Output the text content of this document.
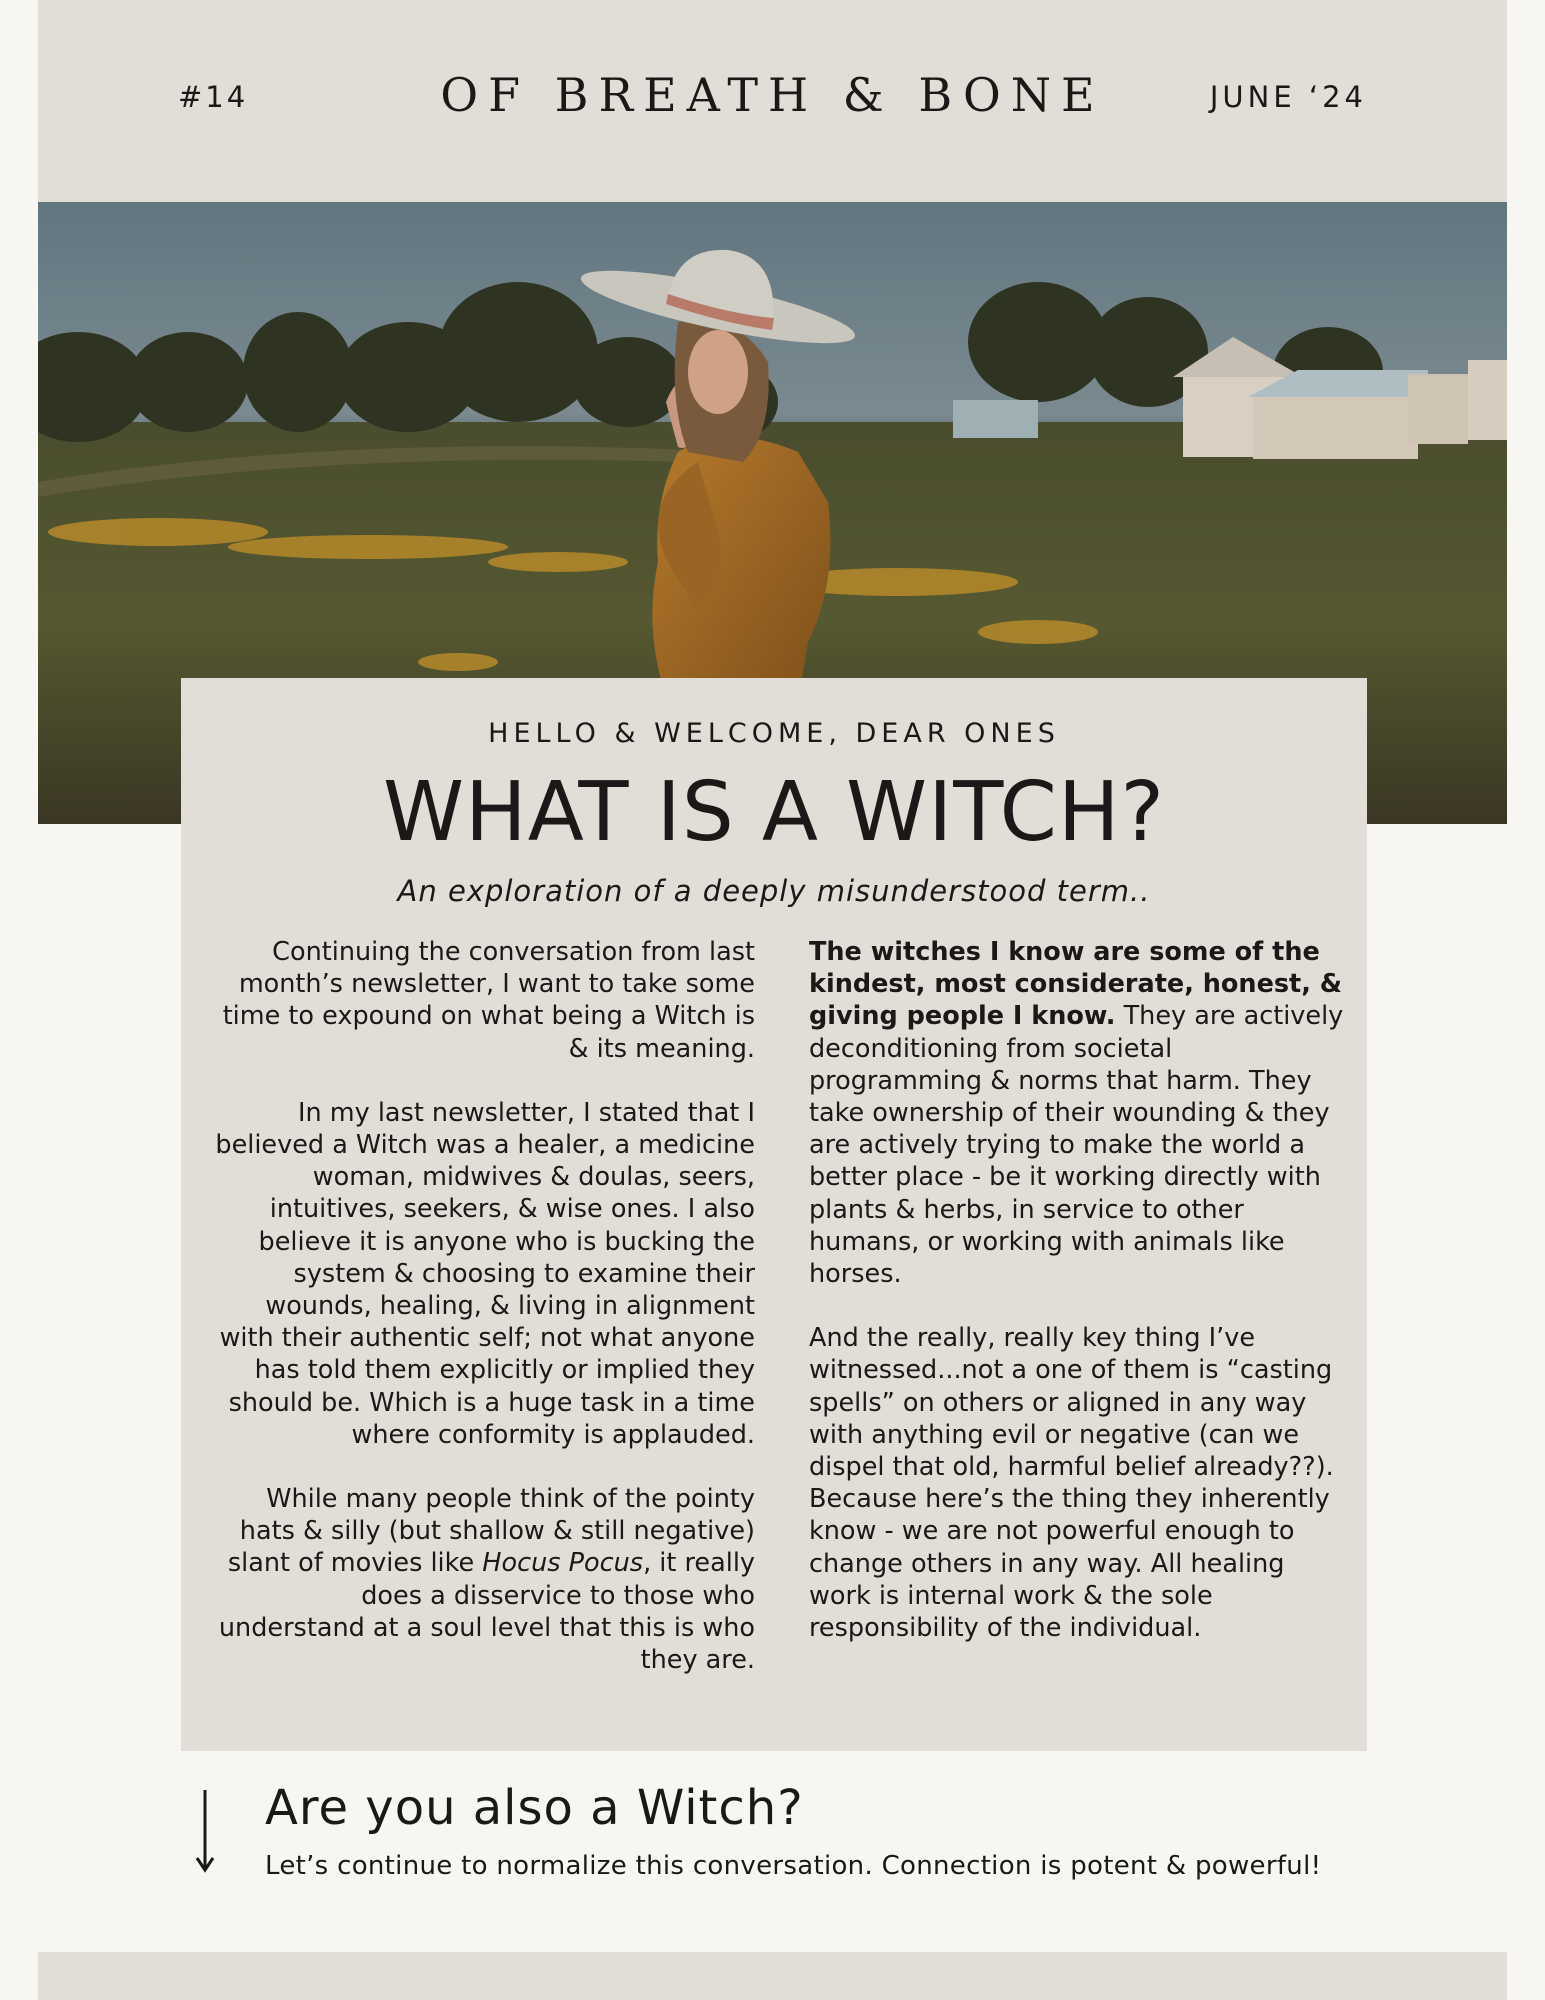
#14	OF BREATH & BONE	JUNE ‘24
HELLO & WELCOME, DEAR ONES
WHAT IS A WITCH?
An exploration of a deeply misunderstood term..

Continuing the conversation from last month’s newsletter, I want to take some time to expound on what being a Witch is & its meaning.

In my last newsletter, I stated that I believed a Witch was a healer, a medicine woman, midwives & doulas, seers, intuitives, seekers, & wise ones. I also believe it is anyone who is bucking the system & choosing to examine their wounds, healing, & living in alignment with their authentic self; not what anyone has told them explicitly or implied they should be. Which is a huge task in a time where conformity is applauded.

While many people think of the pointy hats & silly (but shallow & still negative) slant of movies like Hocus Pocus, it really does a disservice to those who understand at a soul level that this is who they are.

The witches I know are some of the kindest, most considerate, honest, & giving people I know. They are actively deconditioning from societal programming & norms that harm. They take ownership of their wounding & they are actively trying to make the world a better place - be it working directly with plants & herbs, in service to other humans, or working with animals like horses.

And the really, really key thing I’ve witnessed...not a one of them is “casting spells” on others or aligned in any way with anything evil or negative (can we dispel that old, harmful belief already??). Because here’s the thing they inherently know - we are not powerful enough to change others in any way. All healing work is internal work & the sole responsibility of the individual.

Are you also a Witch?
Let’s continue to normalize this conversation. Connection is potent & powerful!
